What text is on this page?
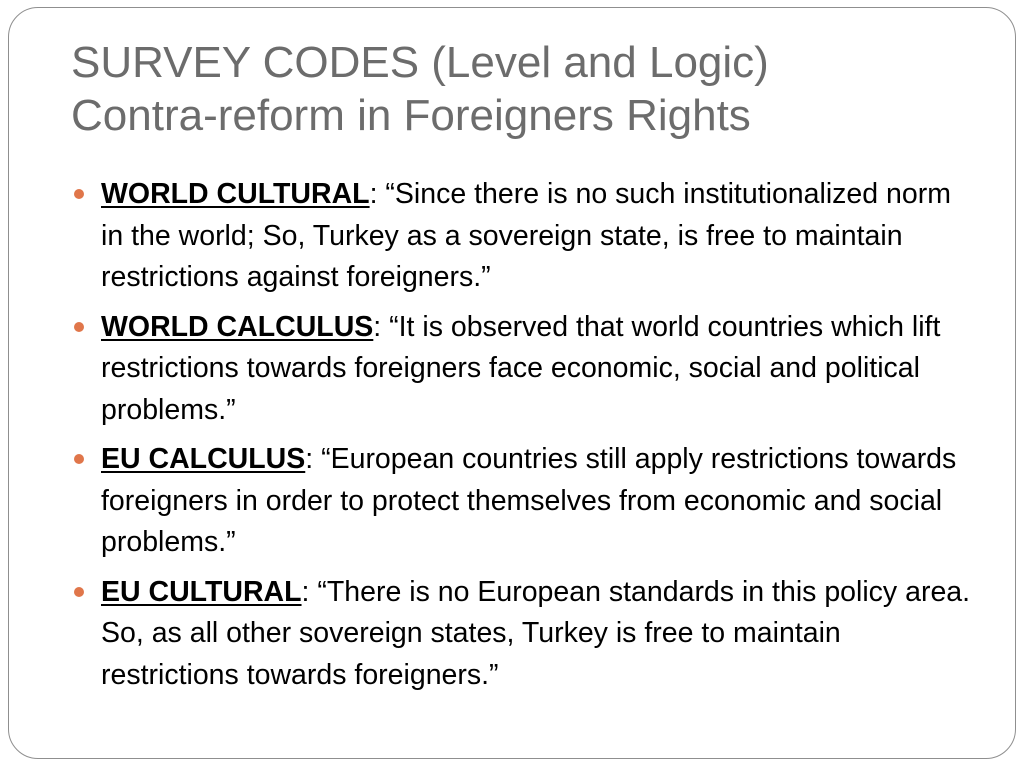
SURVEY CODES (Level and Logic)
Contra-reform in Foreigners Rights
WORLD CULTURAL: “Since there is no such institutionalized norm in the world; So, Turkey as a sovereign state, is free to maintain restrictions against foreigners.”
WORLD CALCULUS: “It is observed that world countries which lift restrictions towards foreigners face economic, social and political problems.”
EU CALCULUS: “European countries still apply restrictions towards foreigners in order to protect themselves from economic and social problems.”
EU CULTURAL: “There is no European standards in this policy area. So, as all other sovereign states, Turkey is free to maintain restrictions towards foreigners.”
